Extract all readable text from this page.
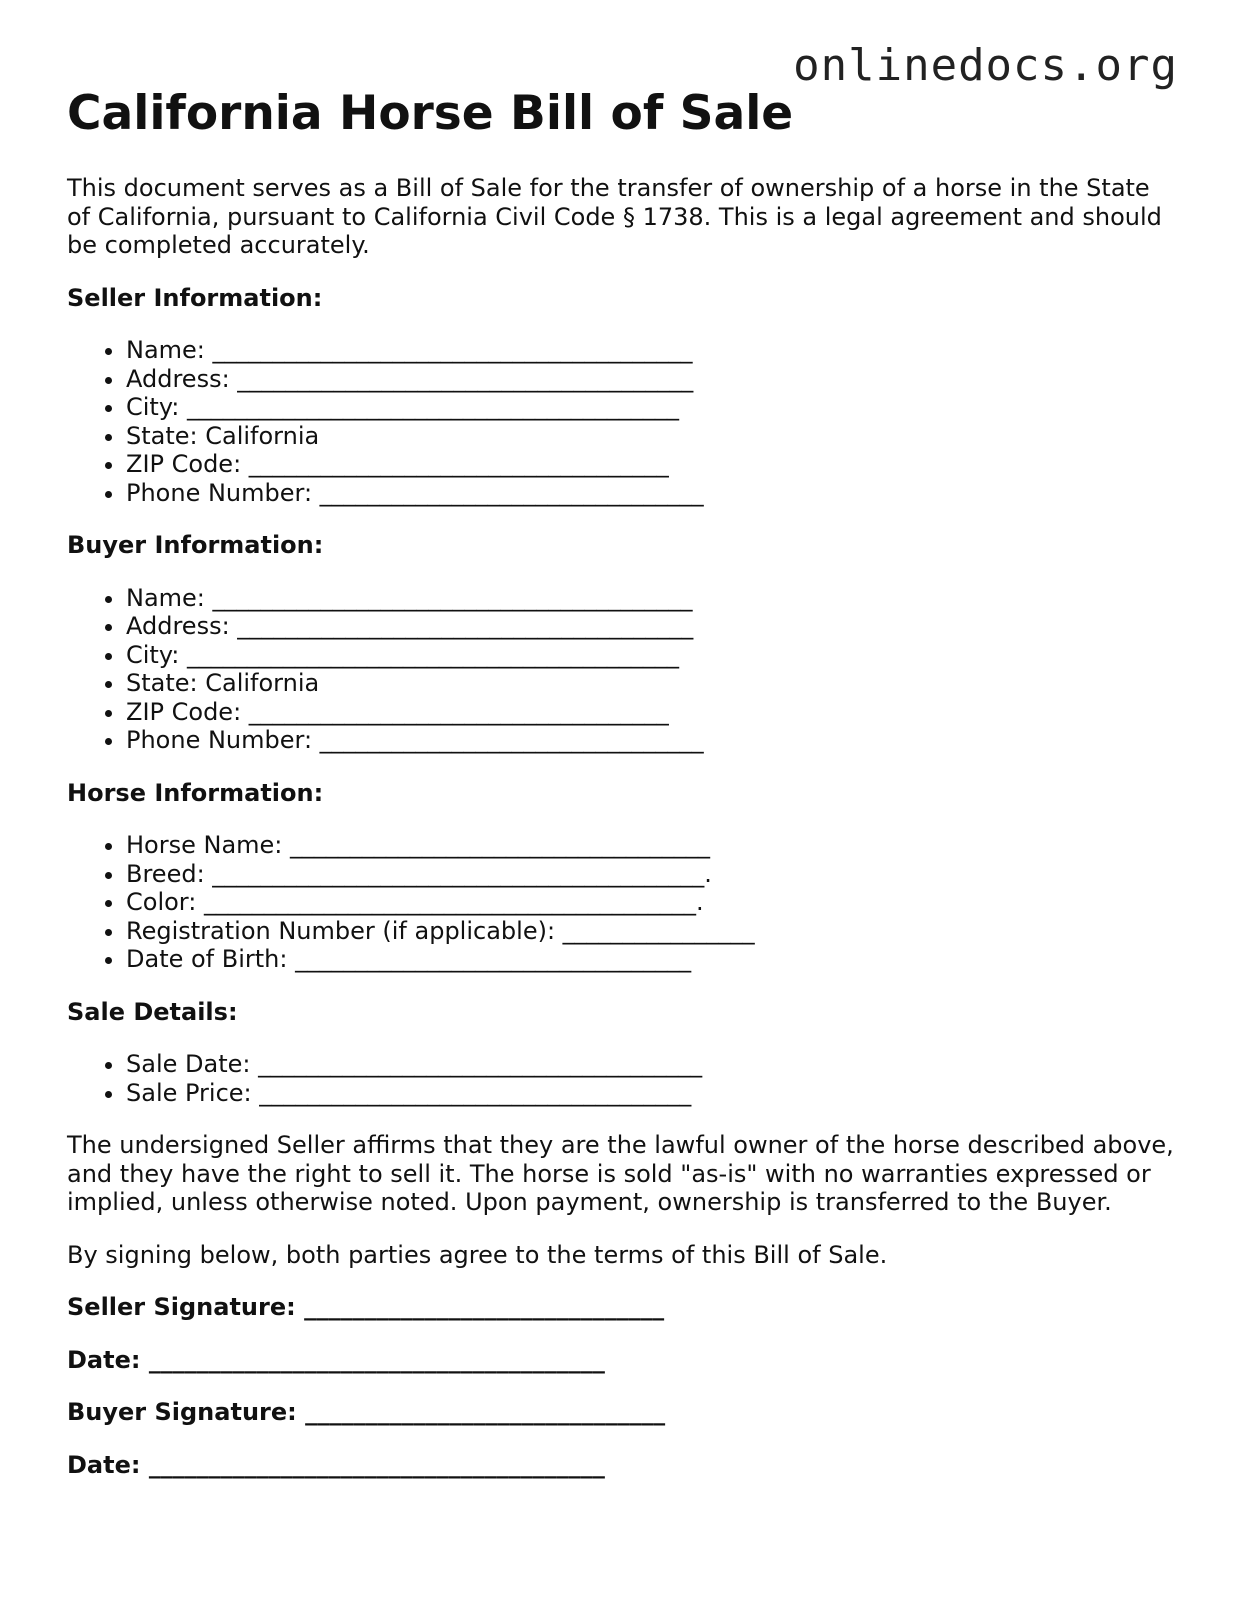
onlinedocs.org
California Horse Bill of Sale

This document serves as a Bill of Sale for the transfer of ownership of a horse in the State of California, pursuant to California Civil Code § 1738. This is a legal agreement and should be completed accurately.

Seller Information:

• Name: ________________________________________
• Address: ______________________________________
• City: _________________________________________
• State: California
• ZIP Code: ___________________________________
• Phone Number: ________________________________

Buyer Information:

• Name: ________________________________________
• Address: ______________________________________
• City: _________________________________________
• State: California
• ZIP Code: ___________________________________
• Phone Number: ________________________________

Horse Information:

• Horse Name: ___________________________________
• Breed: _________________________________________.
• Color: _________________________________________.
• Registration Number (if applicable): ________________
• Date of Birth: _________________________________

Sale Details:

• Sale Date: _____________________________________
• Sale Price: ____________________________________

The undersigned Seller affirms that they are the lawful owner of the horse described above, and they have the right to sell it. The horse is sold "as-is" with no warranties expressed or implied, unless otherwise noted. Upon payment, ownership is transferred to the Buyer.

By signing below, both parties agree to the terms of this Bill of Sale.

Seller Signature: ______________________________

Date: ______________________________________

Buyer Signature: ______________________________

Date: ______________________________________
